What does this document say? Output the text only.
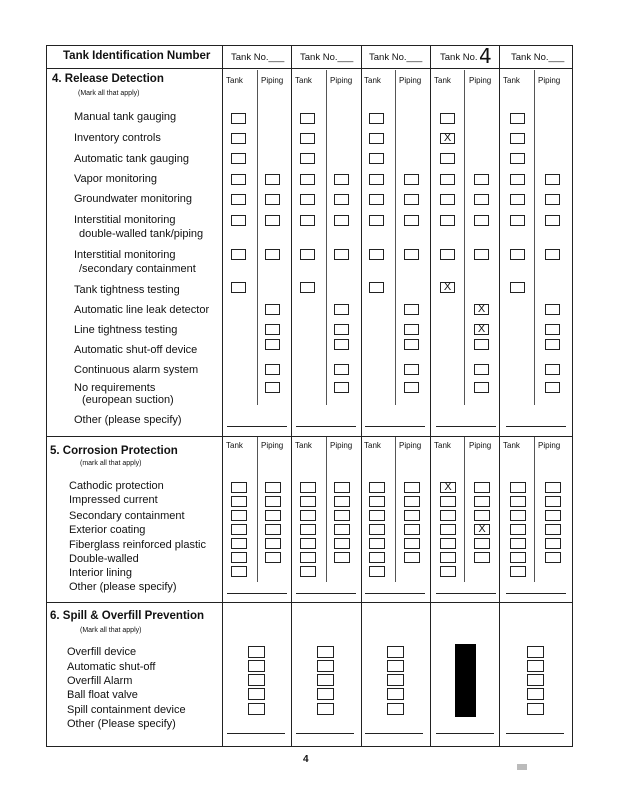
Tank Identification Number Tank No.___ Tank No.___ Tank No.___ Tank No. 4 Tank No.___
4. Release Detection
(Mark all that apply)
Tank Piping Tank Piping Tank Piping Tank Piping Tank Piping
Manual tank gauging
Inventory controls
Automatic tank gauging
Vapor monitoring
Groundwater monitoring
Interstitial monitoring
double-walled tank/piping
Interstitial monitoring
/secondary containment
Tank tightness testing
Automatic line leak detector
Line tightness testing
Automatic shut-off device
Continuous alarm system
No requirements
(european suction)
Other (please specify)
X
X
X
X
5. Corrosion Protection
(mark all that apply)
Tank Piping Tank Piping Tank Piping Tank Piping Tank Piping
Cathodic protection
Impressed current
Secondary containment
Exterior coating
Fiberglass reinforced plastic
Double-walled
Interior lining
Other (please specify)
X
X
6. Spill & Overfill Prevention
(Mark all that apply)
Overfill device
Automatic shut-off
Overfill Alarm
Ball float valve
Spill containment device
Other (Please specify)
4
